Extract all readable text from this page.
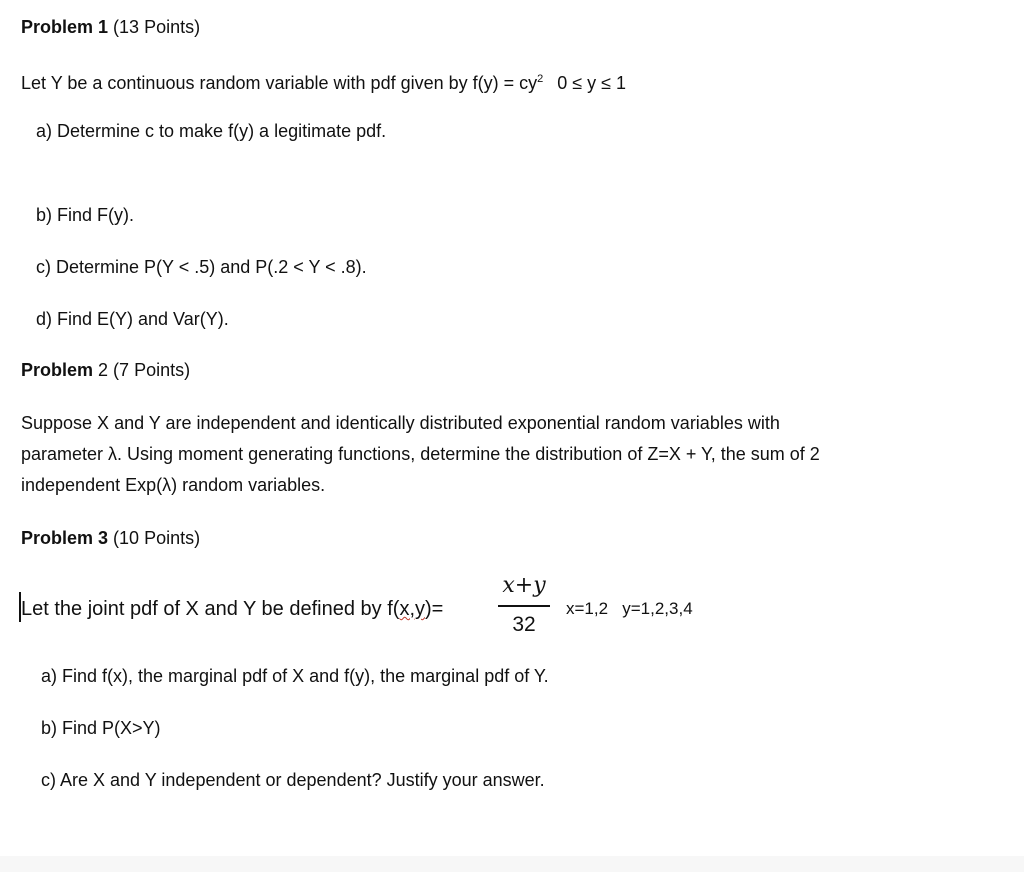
Problem 1 (13 Points)
Let Y be a continuous random variable with pdf given by $f(y) = cy^2$ 0 ≤ y ≤ 1
a) Determine c to make f(y) a legitimate pdf.
b) Find F(y).
c) Determine P(Y < .5) and P(.2 < Y < .8).
d) Find E(Y) and Var(Y).
Problem 2 (7 Points)
Suppose X and Y are independent and identically distributed exponential random variables with
parameter λ. Using moment generating functions, determine the distribution of Z=X + Y, the sum of 2
independent Exp(λ) random variables.
Problem 3 (10 Points)
Let the joint pdf of X and Y be defined by f(x,y)=
x+y
32
x=1,2   y=1,2,3,4
a) Find f(x), the marginal pdf of X and f(y), the marginal pdf of Y.
b) Find P(X>Y)
c) Are X and Y independent or dependent? Justify your answer.
